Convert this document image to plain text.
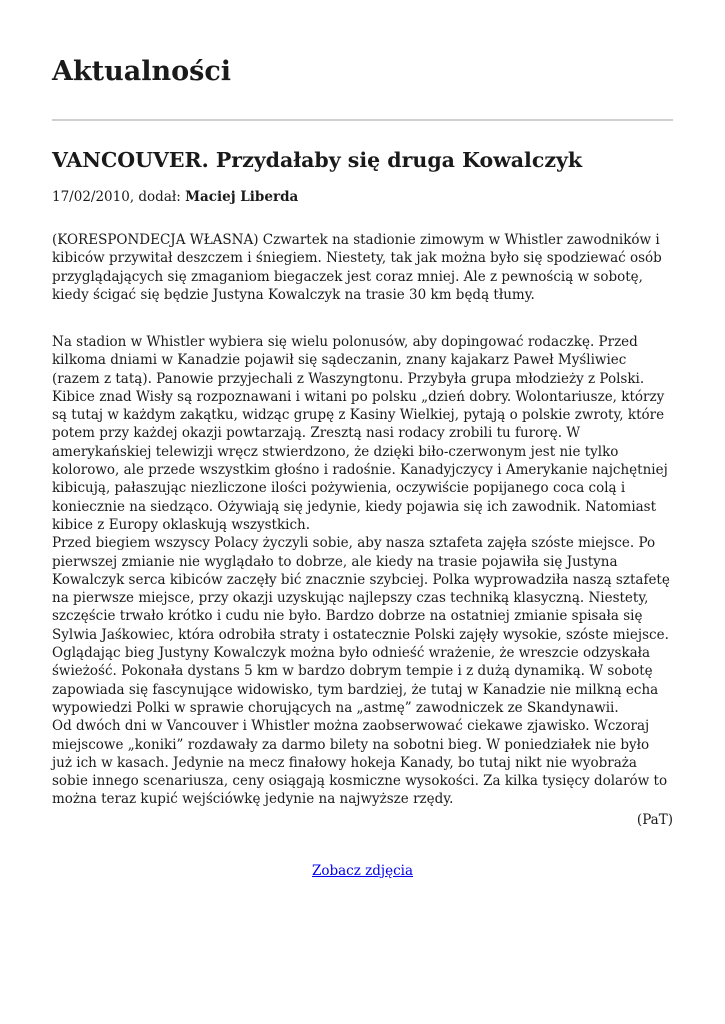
Aktualności
VANCOUVER. Przydałaby się druga Kowalczyk
17/02/2010, dodał: Maciej Liberda

(KORESPONDECJA WŁASNA) Czwartek na stadionie zimowym w Whistler zawodników i kibiców przywitał deszczem i śniegiem. Niestety, tak jak można było się spodziewać osób przyglądających się zmaganiom biegaczek jest coraz mniej. Ale z pewnością w sobotę, kiedy ścigać się będzie Justyna Kowalczyk na trasie 30 km będą tłumy.

Na stadion w Whistler wybiera się wielu polonusów, aby dopingować rodaczkę. Przed kilkoma dniami w Kanadzie pojawił się sądeczanin, znany kajakarz Paweł Myśliwiec (razem z tatą). Panowie przyjechali z Waszyngtonu. Przybyła grupa młodzieży z Polski. Kibice znad Wisły są rozpoznawani i witani po polsku „dzień dobry. Wolontariusze, którzy są tutaj w każdym zakątku, widząc grupę z Kasiny Wielkiej, pytają o polskie zwroty, które potem przy każdej okazji powtarzają. Zresztą nasi rodacy zrobili tu furorę. W amerykańskiej telewizji wręcz stwierdzono, że dzięki biło-czerwonym jest nie tylko kolorowo, ale przede wszystkim głośno i radośnie. Kanadyjczycy i Amerykanie najchętniej kibicują, pałaszując niezliczone ilości pożywienia, oczywiście popijanego coca colą i koniecznie na siedząco. Ożywiają się jedynie, kiedy pojawia się ich zawodnik. Natomiast kibice z Europy oklaskują wszystkich.

Przed biegiem wszyscy Polacy życzyli sobie, aby nasza sztafeta zajęła szóste miejsce. Po pierwszej zmianie nie wyglądało to dobrze, ale kiedy na trasie pojawiła się Justyna Kowalczyk serca kibiców zaczęły bić znacznie szybciej. Polka wyprowadziła naszą sztafetę na pierwsze miejsce, przy okazji uzyskując najlepszy czas techniką klasyczną. Niestety, szczęście trwało krótko i cudu nie było. Bardzo dobrze na ostatniej zmianie spisała się Sylwia Jaśkowiec, która odrobiła straty i ostatecznie Polski zajęły wysokie, szóste miejsce.

Oglądając bieg Justyny Kowalczyk można było odnieść wrażenie, że wreszcie odzyskała świeżość. Pokonała dystans 5 km w bardzo dobrym tempie i z dużą dynamiką. W sobotę zapowiada się fascynujące widowisko, tym bardziej, że tutaj w Kanadzie nie milkną echa wypowiedzi Polki w sprawie chorujących na „astmę” zawodniczek ze Skandynawii.

Od dwóch dni w Vancouver i Whistler można zaobserwować ciekawe zjawisko. Wczoraj miejscowe „koniki” rozdawały za darmo bilety na sobotni bieg. W poniedziałek nie było już ich w kasach. Jedynie na mecz finałowy hokeja Kanady, bo tutaj nikt nie wyobraża sobie innego scenariusza, ceny osiągają kosmiczne wysokości. Za kilka tysięcy dolarów to można teraz kupić wejściówkę jedynie na najwyższe rzędy.

(PaT)
Zobacz zdjęcia
